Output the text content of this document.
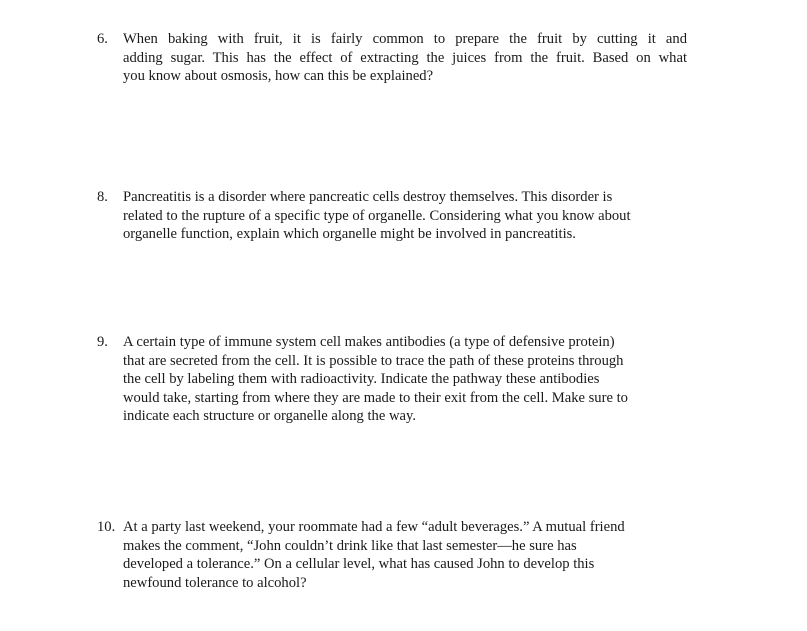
6. When baking with fruit, it is fairly common to prepare the fruit by cutting it and
adding sugar. This has the effect of extracting the juices from the fruit. Based on what
you know about osmosis, how can this be explained?
8. Pancreatitis is a disorder where pancreatic cells destroy themselves. This disorder is
related to the rupture of a specific type of organelle. Considering what you know about
organelle function, explain which organelle might be involved in pancreatitis.
9. A certain type of immune system cell makes antibodies (a type of defensive protein)
that are secreted from the cell. It is possible to trace the path of these proteins through
the cell by labeling them with radioactivity. Indicate the pathway these antibodies
would take, starting from where they are made to their exit from the cell. Make sure to
indicate each structure or organelle along the way.
10. At a party last weekend, your roommate had a few “adult beverages.” A mutual friend
makes the comment, “John couldn’t drink like that last semester—he sure has
developed a tolerance.” On a cellular level, what has caused John to develop this
newfound tolerance to alcohol?
